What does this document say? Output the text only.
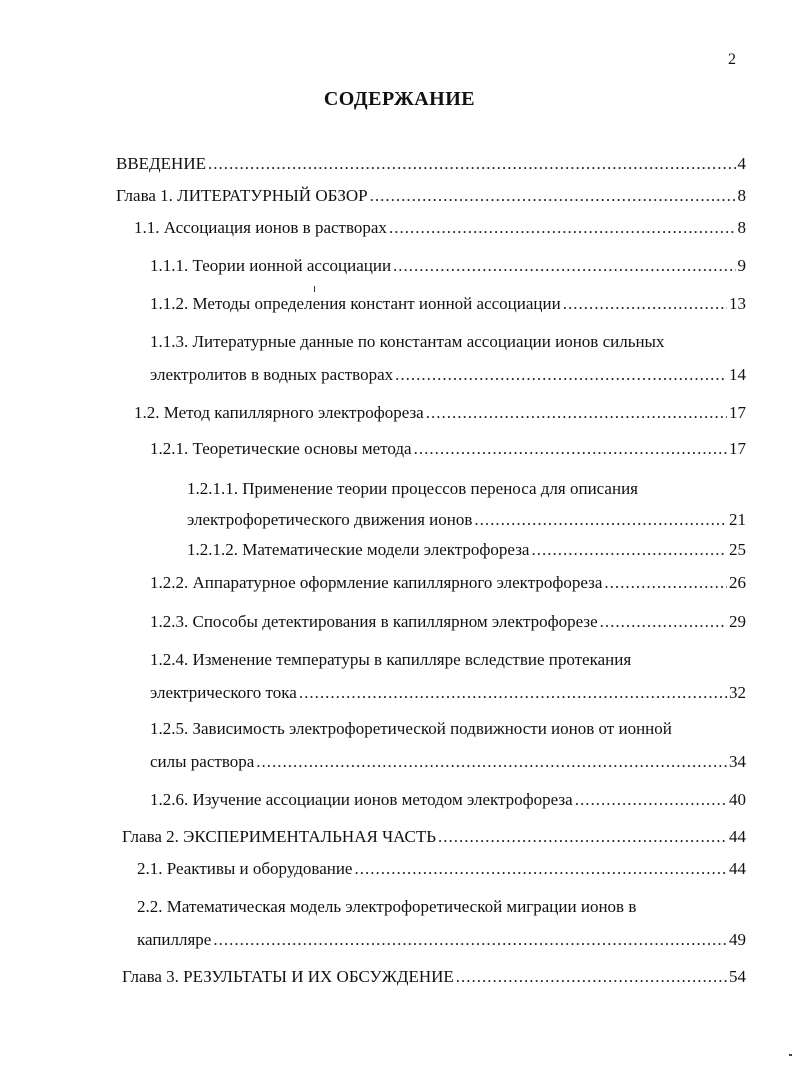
2
СОДЕРЖАНИЕ
ВВЕДЕНИЕ .....	4
Глава 1. ЛИТЕРАТУРНЫЙ ОБЗОР .....	8
1.1. Ассоциация ионов в растворах .....	8
1.1.1. Теории ионной ассоциации .....	9
1.1.2. Методы определения констант ионной ассоциации .....	13
1.1.3. Литературные данные по константам ассоциации ионов сильных
электролитов в водных растворах .....	14
1.2. Метод капиллярного электрофореза .....	17
1.2.1. Теоретические основы метода .....	17
1.2.1.1. Применение теории процессов переноса для описания
электрофоретического движения ионов .....	21
1.2.1.2. Математические модели электрофореза .....	25
1.2.2. Аппаратурное оформление капиллярного электрофореза .....	26
1.2.3. Способы детектирования в капиллярном электрофорезе .....	29
1.2.4. Изменение температуры в капилляре вследствие протекания
электрического тока .....	32
1.2.5. Зависимость электрофоретической подвижности ионов от ионной
силы раствора .....	34
1.2.6. Изучение ассоциации ионов методом электрофореза .....	40
Глава 2. ЭКСПЕРИМЕНТАЛЬНАЯ ЧАСТЬ .....	44
2.1. Реактивы и оборудование .....	44
2.2. Математическая модель электрофоретической миграции ионов в
капилляре .....	49
Глава 3. РЕЗУЛЬТАТЫ И ИХ ОБСУЖДЕНИЕ .....	54
